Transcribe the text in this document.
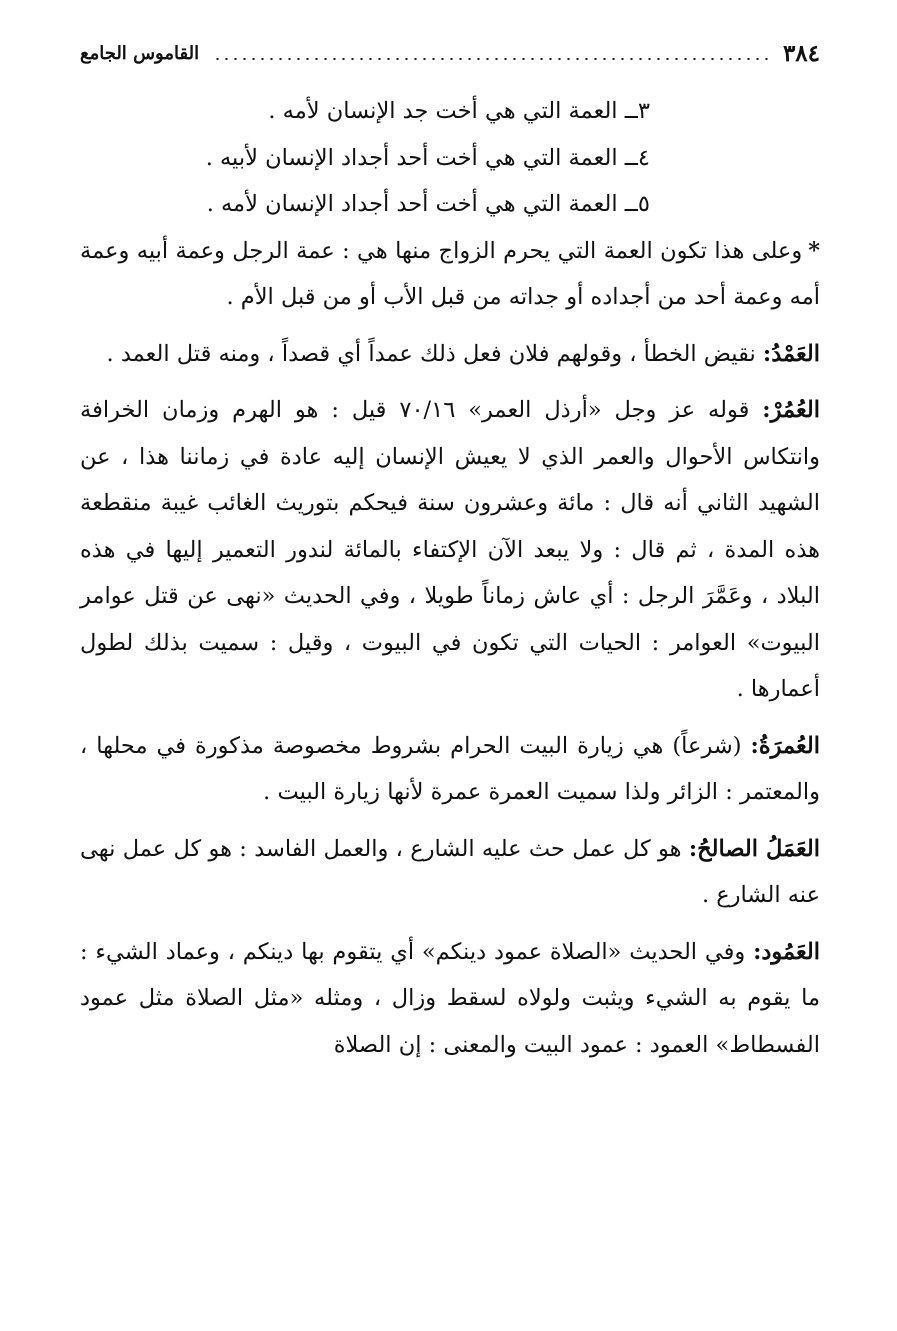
٣٨٤
القاموس الجامع

٣ــ العمة التي هي أخت جد الإنسان لأمه .

٤ــ العمة التي هي أخت أحد أجداد الإنسان لأبيه .

٥ــ العمة التي هي أخت أحد أجداد الإنسان لأمه .

*وعلى هذا تكون العمة التي يحرم الزواج منها هي : عمة الرجل وعمة أبيه وعمة أمه وعمة أحد من أجداده أو جداته من قبل الأب أو من قبل الأم .

العَمْدُ: نقيض الخطأ ، وقولهم فلان فعل ذلك عمداً أي قصداً ، ومنه قتل العمد .

العُمُرْ: قوله عز وجل «أرذل العمر» ٧٠/١٦ قيل : هو الهرم وزمان الخرافة وانتكاس الأحوال والعمر الذي لا يعيش الإنسان إليه عادة في زماننا هذا ، عن الشهيد الثاني أنه قال : مائة وعشرون سنة فيحكم بتوريث الغائب غيبة منقطعة هذه المدة ، ثم قال : ولا يبعد الآن الإكتفاء بالمائة لندور التعمير إليها في هذه البلاد ، وعَمَّرَ الرجل : أي عاش زماناً طويلا ، وفي الحديث «نهى عن قتل عوامر البيوت» العوامر : الحيات التي تكون في البيوت ، وقيل : سميت بذلك لطول أعمارها .

العُمرَةُ: (شرعاً) هي زيارة البيت الحرام بشروط مخصوصة مذكورة في محلها ، والمعتمر : الزائر ولذا سميت العمرة عمرة لأنها زيارة البيت .

العَمَلُ الصالحُ: هو كل عمل حث عليه الشارع ، والعمل الفاسد : هو كل عمل نهى عنه الشارع .

العَمُود: وفي الحديث «الصلاة عمود دينكم» أي يتقوم بها دينكم ، وعماد الشيء : ما يقوم به الشيء ويثبت ولولاه لسقط وزال ، ومثله «مثل الصلاة مثل عمود الفسطاط» العمود : عمود البيت والمعنى : إن الصلاة
